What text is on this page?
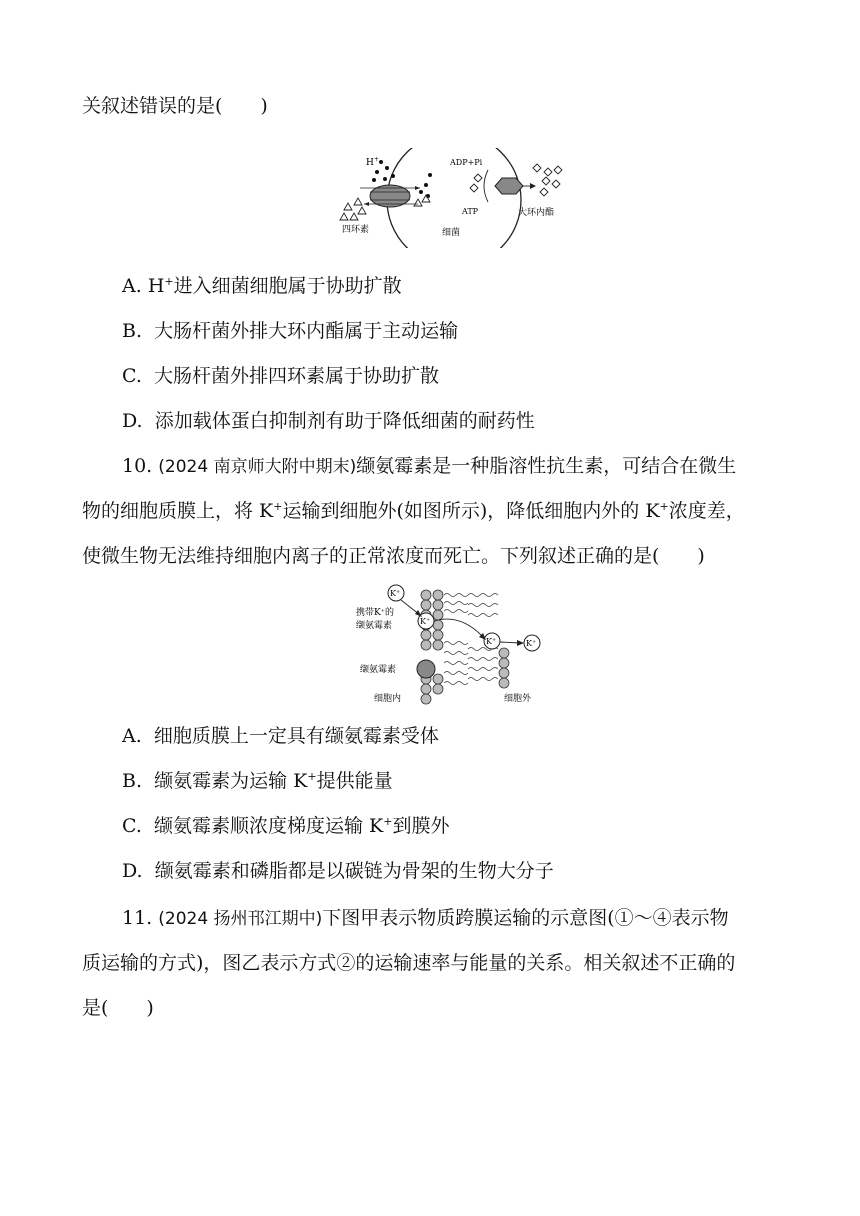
关叙述错误的是(　　)
H+
四环素	细菌
ADP+Pi
ATP	大环内酯
A. H+进入细菌细胞属于协助扩散
B. 大肠杆菌外排大环内酯属于主动运输
C. 大肠杆菌外排四环素属于协助扩散
D. 添加载体蛋白抑制剂有助于降低细菌的耐药性
10. (2024 南京师大附中期末)缬氨霉素是一种脂溶性抗生素，可结合在微生
物的细胞质膜上，将 K+运输到细胞外(如图所示)，降低细胞内外的 K+浓度差，
使微生物无法维持细胞内离子的正常浓度而死亡。下列叙述正确的是(　　)
K+
K+
K+	K+
携带K+的
缬氨霉素
缬氨霉素
细胞内	细胞外
A. 细胞质膜上一定具有缬氨霉素受体
B. 缬氨霉素为运输 K+提供能量
C. 缬氨霉素顺浓度梯度运输 K+到膜外
D. 缬氨霉素和磷脂都是以碳链为骨架的生物大分子
11. (2024 扬州邗江期中)下图甲表示物质跨膜运输的示意图(①～④表示物
质运输的方式)，图乙表示方式②的运输速率与能量的关系。相关叙述不正确的
是(　　)
